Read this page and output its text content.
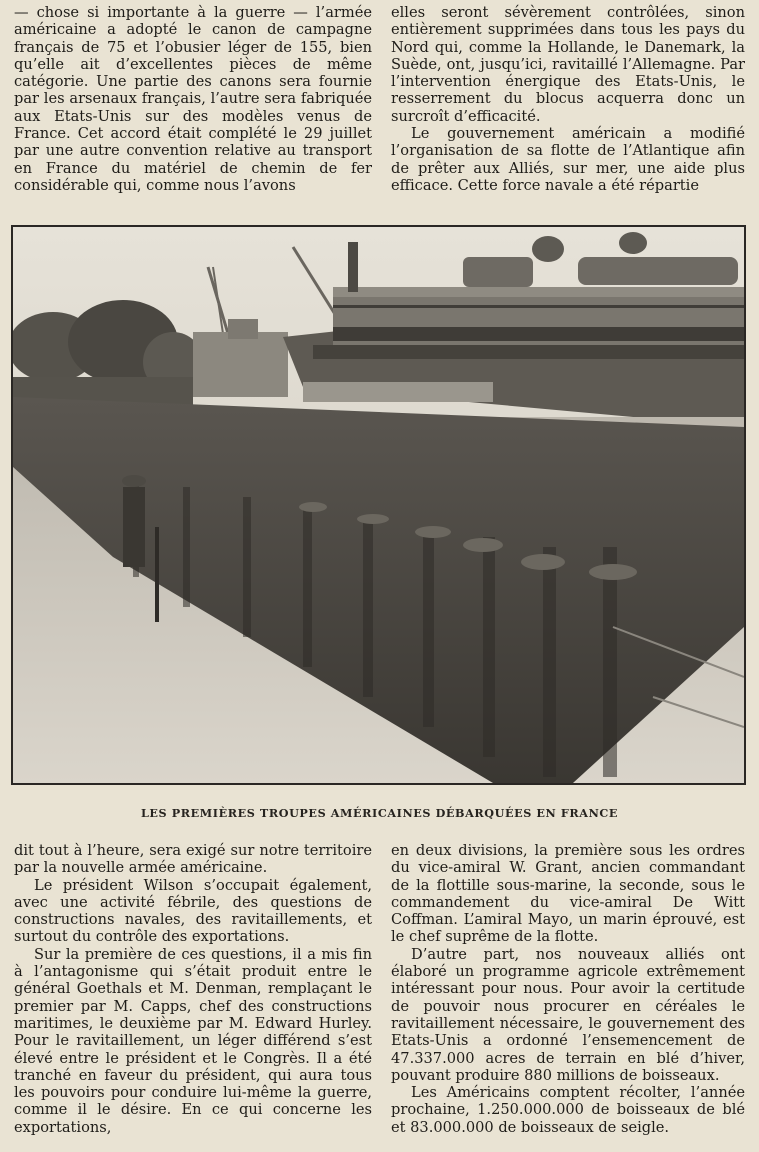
— chose si importante à la guerre — l’armée américaine a adopté le canon de campagne français de 75 et l’obusier léger de 155, bien qu’elle ait d’excellentes pièces de même catégorie. Une partie des canons sera fournie par les arsenaux français, l’autre sera fabriquée aux Etats-Unis sur des modèles venus de France. Cet accord était complété le 29 juillet par une autre convention relative au transport en France du matériel de chemin de fer considérable qui, comme nous l’avons

elles seront sévèrement contrôlées, sinon entièrement supprimées dans tous les pays du Nord qui, comme la Hollande, le Danemark, la Suède, ont, jusqu’ici, ravitaillé l’Allemagne. Par l’intervention énergique des Etats-Unis, le resserrement du blocus acquerra donc un surcroît d’efficacité.

Le gouvernement américain a modifié l’organisation de sa flotte de l’Atlantique afin de prêter aux Alliés, sur mer, une aide plus efficace. Cette force navale a été répartie

LES PREMIÈRES TROUPES AMÉRICAINES DÉBARQUÉES EN FRANCE

dit tout à l’heure, sera exigé sur notre territoire par la nouvelle armée américaine.

Le président Wilson s’occupait également, avec une activité fébrile, des questions de constructions navales, des ravitaillements, et surtout du contrôle des exportations.

Sur la première de ces questions, il a mis fin à l’antagonisme qui s’était produit entre le général Goethals et M. Denman, remplaçant le premier par M. Capps, chef des constructions maritimes, le deuxième par M. Edward Hurley. Pour le ravitaillement, un léger différend s’est élevé entre le président et le Congrès. Il a été tranché en faveur du président, qui aura tous les pouvoirs pour conduire lui-même la guerre, comme il le désire. En ce qui concerne les exportations,

en deux divisions, la première sous les ordres du vice-amiral W. Grant, ancien commandant de la flottille sous-marine, la seconde, sous le commandement du vice-amiral De Witt Coffman. L’amiral Mayo, un marin éprouvé, est le chef suprême de la flotte.

D’autre part, nos nouveaux alliés ont élaboré un programme agricole extrêmement intéressant pour nous. Pour avoir la certitude de pouvoir nous procurer en céréales le ravitaillement nécessaire, le gouvernement des Etats-Unis a ordonné l’ensemencement de 47.337.000 acres de terrain en blé d’hiver, pouvant produire 880 millions de boisseaux.

Les Américains comptent récolter, l’année prochaine, 1.250.000.000 de boisseaux de blé et 83.000.000 de boisseaux de seigle.
